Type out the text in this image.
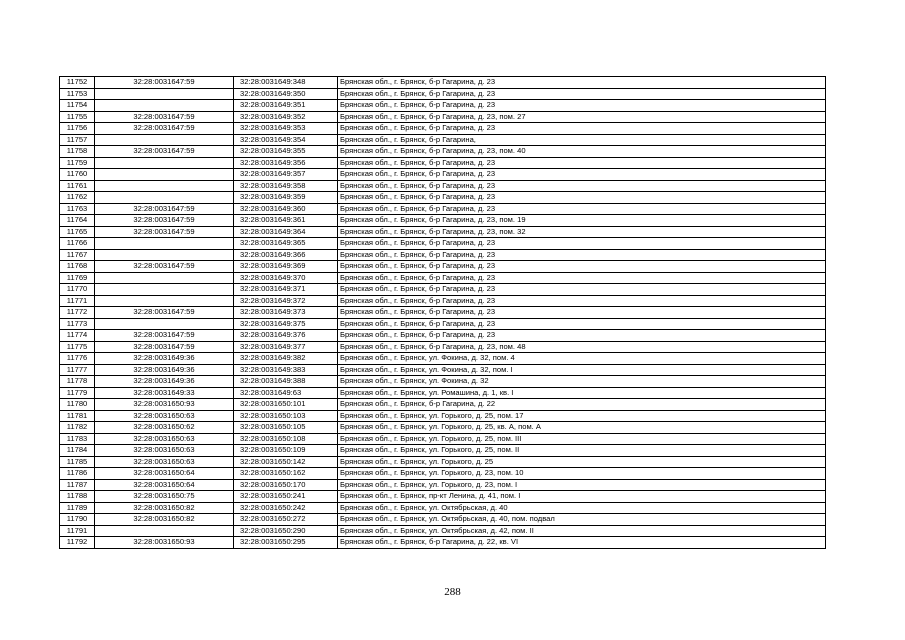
11752	32:28:0031647:59	32:28:0031649:348	Брянская обл., г. Брянск, б-р Гагарина, д. 23
11753		32:28:0031649:350	Брянская обл., г. Брянск, б-р Гагарина, д. 23
11754		32:28:0031649:351	Брянская обл., г. Брянск, б-р Гагарина, д. 23
11755	32:28:0031647:59	32:28:0031649:352	Брянская обл., г. Брянск, б-р Гагарина, д. 23, пом. 27
11756	32:28:0031647:59	32:28:0031649:353	Брянская обл., г. Брянск, б-р Гагарина, д. 23
11757		32:28:0031649:354	Брянская обл., г. Брянск, б-р Гагарина,
11758	32:28:0031647:59	32:28:0031649:355	Брянская обл., г. Брянск, б-р Гагарина, д. 23, пом. 40
11759		32:28:0031649:356	Брянская обл., г. Брянск, б-р Гагарина, д. 23
11760		32:28:0031649:357	Брянская обл., г. Брянск, б-р Гагарина, д. 23
11761		32:28:0031649:358	Брянская обл., г. Брянск, б-р Гагарина, д. 23
11762		32:28:0031649:359	Брянская обл., г. Брянск, б-р Гагарина, д. 23
11763	32:28:0031647:59	32:28:0031649:360	Брянская обл., г. Брянск, б-р Гагарина, д. 23
11764	32:28:0031647:59	32:28:0031649:361	Брянская обл., г. Брянск, б-р Гагарина, д. 23, пом. 19
11765	32:28:0031647:59	32:28:0031649:364	Брянская обл., г. Брянск, б-р Гагарина, д. 23, пом. 32
11766		32:28:0031649:365	Брянская обл., г. Брянск, б-р Гагарина, д. 23
11767		32:28:0031649:366	Брянская обл., г. Брянск, б-р Гагарина, д. 23
11768	32:28:0031647:59	32:28:0031649:369	Брянская обл., г. Брянск, б-р Гагарина, д. 23
11769		32:28:0031649:370	Брянская обл., г. Брянск, б-р Гагарина, д. 23
11770		32:28:0031649:371	Брянская обл., г. Брянск, б-р Гагарина, д. 23
11771		32:28:0031649:372	Брянская обл., г. Брянск, б-р Гагарина, д. 23
11772	32:28:0031647:59	32:28:0031649:373	Брянская обл., г. Брянск, б-р Гагарина, д. 23
11773		32:28:0031649:375	Брянская обл., г. Брянск, б-р Гагарина, д. 23
11774	32:28:0031647:59	32:28:0031649:376	Брянская обл., г. Брянск, б-р Гагарина, д. 23
11775	32:28:0031647:59	32:28:0031649:377	Брянская обл., г. Брянск, б-р Гагарина, д. 23, пом. 48
11776	32:28:0031649:36	32:28:0031649:382	Брянская обл., г. Брянск, ул. Фокина, д. 32, пом. 4
11777	32:28:0031649:36	32:28:0031649:383	Брянская обл., г. Брянск, ул. Фокина, д. 32, пом. I
11778	32:28:0031649:36	32:28:0031649:388	Брянская обл., г. Брянск, ул. Фокина, д. 32
11779	32:28:0031649:33	32:28:0031649:63	Брянская обл., г. Брянск, ул. Ромашина, д. 1, кв. I
11780	32:28:0031650:93	32:28:0031650:101	Брянская обл., г. Брянск, б-р Гагарина, д. 22
11781	32:28:0031650:63	32:28:0031650:103	Брянская обл., г. Брянск, ул. Горького, д. 25, пом. 17
11782	32:28:0031650:62	32:28:0031650:105	Брянская обл., г. Брянск, ул. Горького, д. 25, кв. А, пом. А
11783	32:28:0031650:63	32:28:0031650:108	Брянская обл., г. Брянск, ул. Горького, д. 25, пом. III
11784	32:28:0031650:63	32:28:0031650:109	Брянская обл., г. Брянск, ул. Горького, д. 25, пом. II
11785	32:28:0031650:63	32:28:0031650:142	Брянская обл., г. Брянск, ул. Горького, д. 25
11786	32:28:0031650:64	32:28:0031650:162	Брянская обл., г. Брянск, ул. Горького, д. 23, пом. 10
11787	32:28:0031650:64	32:28:0031650:170	Брянская обл., г. Брянск, ул. Горького, д. 23, пом. I
11788	32:28:0031650:75	32:28:0031650:241	Брянская обл., г. Брянск, пр-кт Ленина, д. 41, пом. I
11789	32:28:0031650:82	32:28:0031650:242	Брянская обл., г. Брянск, ул. Октябрьская, д. 40
11790	32:28:0031650:82	32:28:0031650:272	Брянская обл., г. Брянск, ул. Октябрьская, д. 40, пом. подвал
11791		32:28:0031650:290	Брянская обл., г. Брянск, ул. Октябрьская, д. 42, пом. II
11792	32:28:0031650:93	32:28:0031650:295	Брянская обл., г. Брянск, б-р Гагарина, д. 22, кв. VI
288
